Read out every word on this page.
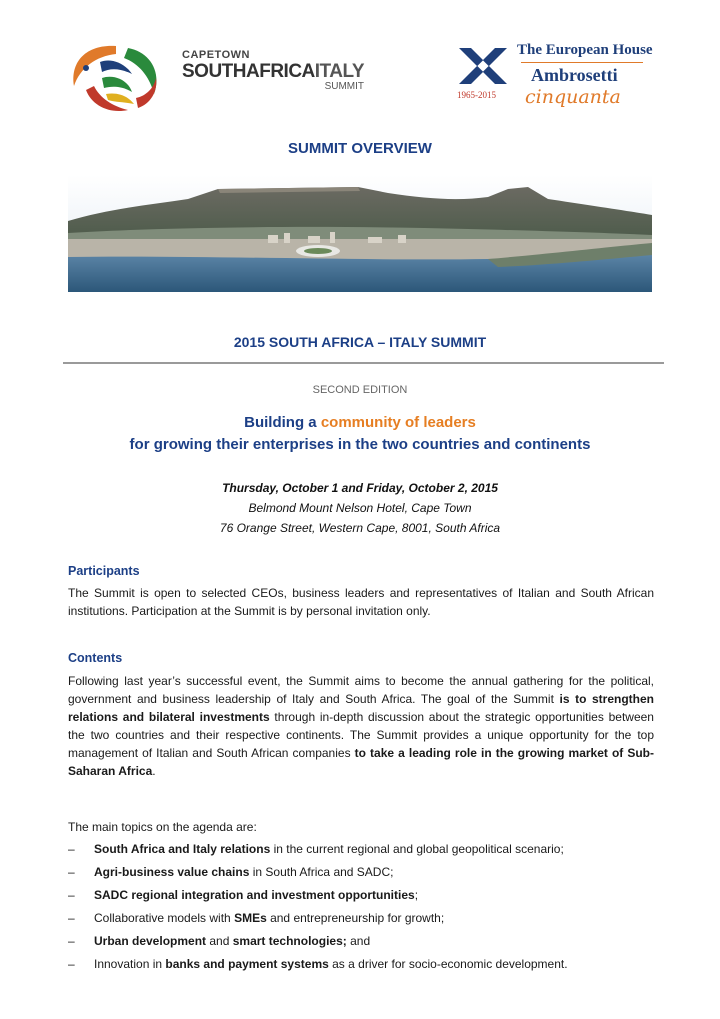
CAPETOWN
SOUTHAFRICAITALY
SUMMIT
1965-2015
The European House
Ambrosetti
cinquanta
SUMMIT OVERVIEW
2015 SOUTH AFRICA – ITALY SUMMIT
SECOND EDITION
Building a community of leaders
for growing their enterprises in the two countries and continents
Thursday, October 1 and Friday, October 2, 2015
Belmond Mount Nelson Hotel, Cape Town
76 Orange Street, Western Cape, 8001, South Africa
Participants
The Summit is open to selected CEOs, business leaders and representatives of Italian and South African institutions. Participation at the Summit is by personal invitation only.
Contents
Following last year’s successful event, the Summit aims to become the annual gathering for the political, government and business leadership of Italy and South Africa. The goal of the Summit is to strengthen relations and bilateral investments through in-depth discussion about the strategic opportunities between the two countries and their respective continents. The Summit provides a unique opportunity for the top management of Italian and South African companies to take a leading role in the growing market of Sub-Saharan Africa.
The main topics on the agenda are:
– South Africa and Italy relations in the current regional and global geopolitical scenario;
– Agri-business value chains in South Africa and SADC;
– SADC regional integration and investment opportunities;
– Collaborative models with SMEs and entrepreneurship for growth;
– Urban development and smart technologies; and
– Innovation in banks and payment systems as a driver for socio-economic development.
